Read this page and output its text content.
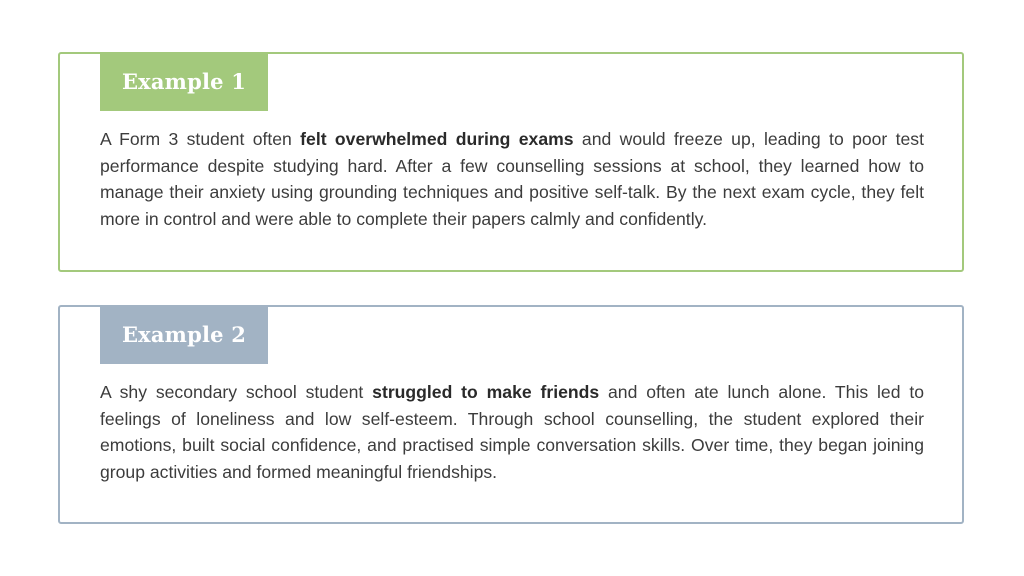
Example 1

A Form 3 student often felt overwhelmed during exams and would freeze up, leading to poor test performance despite studying hard. After a few counselling sessions at school, they learned how to manage their anxiety using grounding techniques and positive self-talk. By the next exam cycle, they felt more in control and were able to complete their papers calmly and confidently.

Example 2

A shy secondary school student struggled to make friends and often ate lunch alone. This led to feelings of loneliness and low self-esteem. Through school counselling, the student explored their emotions, built social confidence, and practised simple conversation skills. Over time, they began joining group activities and formed meaningful friendships.
